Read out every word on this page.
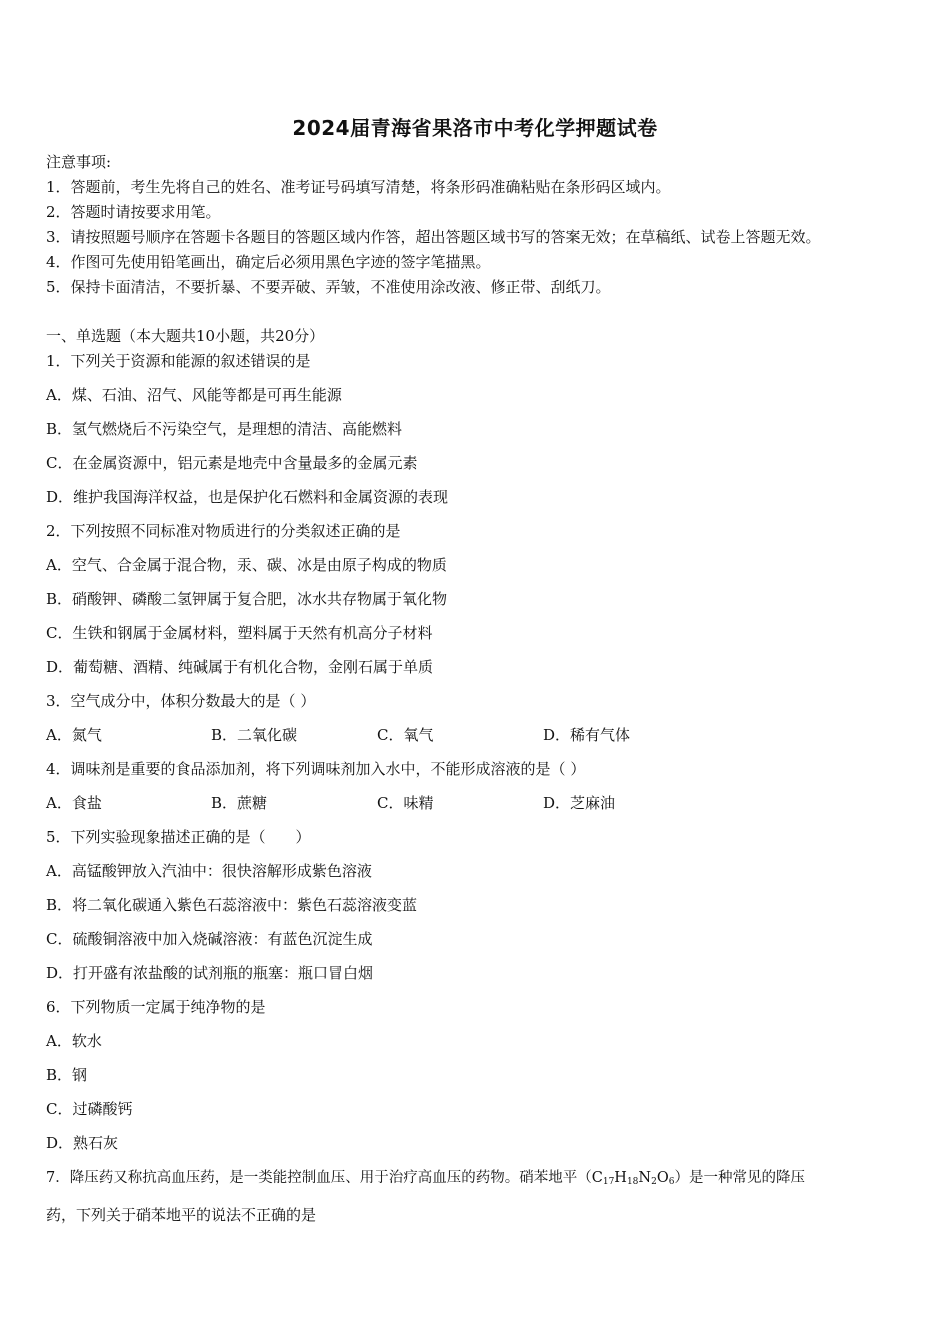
2024届青海省果洛市中考化学押题试卷
注意事项:
1．答题前，考生先将自己的姓名、准考证号码填写清楚，将条形码准确粘贴在条形码区域内。
2．答题时请按要求用笔。
3．请按照题号顺序在答题卡各题目的答题区域内作答，超出答题区域书写的答案无效；在草稿纸、试卷上答题无效。
4．作图可先使用铅笔画出，确定后必须用黑色字迹的签字笔描黑。
5．保持卡面清洁，不要折暴、不要弄破、弄皱，不准使用涂改液、修正带、刮纸刀。
一、单选题（本大题共10小题，共20分）
1．下列关于资源和能源的叙述错误的是
A．煤、石油、沼气、风能等都是可再生能源
B．氢气燃烧后不污染空气，是理想的清洁、高能燃料
C．在金属资源中，铝元素是地壳中含量最多的金属元素
D．维护我国海洋权益，也是保护化石燃料和金属资源的表现
2．下列按照不同标准对物质进行的分类叙述正确的是
A．空气、合金属于混合物，汞、碳、冰是由原子构成的物质
B．硝酸钾、磷酸二氢钾属于复合肥，冰水共存物属于氧化物
C．生铁和钢属于金属材料，塑料属于天然有机高分子材料
D．葡萄糖、酒精、纯碱属于有机化合物，金刚石属于单质
3．空气成分中，体积分数最大的是（ ）
A．氮气	B．二氧化碳	C．氧气	D．稀有气体
4．调味剂是重要的食品添加剂，将下列调味剂加入水中，不能形成溶液的是（ ）
A．食盐	B．蔗糖	C．味精	D．芝麻油
5．下列实验现象描述正确的是（　　）
A．高锰酸钾放入汽油中：很快溶解形成紫色溶液
B．将二氧化碳通入紫色石蕊溶液中：紫色石蕊溶液变蓝
C．硫酸铜溶液中加入烧碱溶液：有蓝色沉淀生成
D．打开盛有浓盐酸的试剂瓶的瓶塞：瓶口冒白烟
6．下列物质一定属于纯净物的是
A．软水
B．钢
C．过磷酸钙
D．熟石灰
7．降压药又称抗高血压药，是一类能控制血压、用于治疗高血压的药物。硝苯地平$(C_{17}H_{18}N_2O_6)$是一种常见的降压
药，下列关于硝苯地平的说法不正确的是
